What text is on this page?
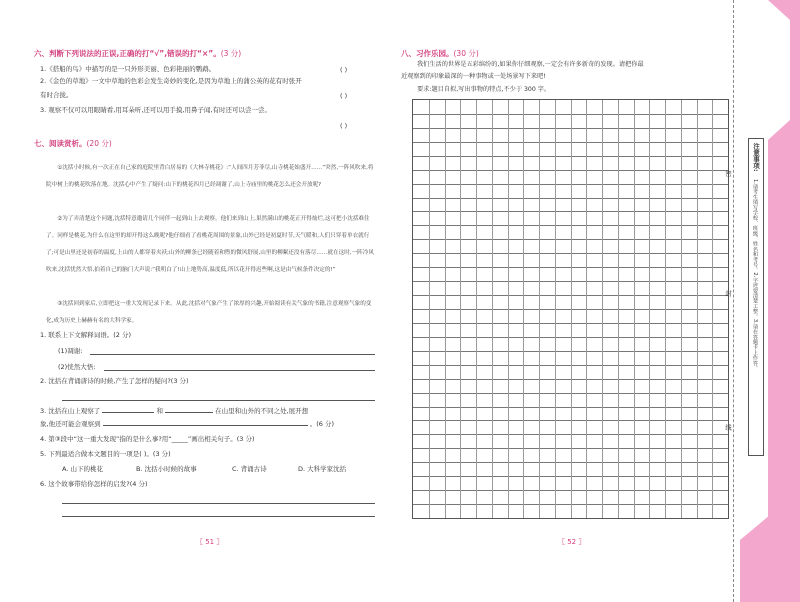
六、判断下列说法的正误,正确的打“√”,错误的打“×”。(3 分)
1.《搭船的鸟》中描写的是一只外形美丽、色彩艳丽的鹦鹉。	( )
2.《金色的草地》一文中草地的色彩会发生奇妙的变化,是因为草地上的蒲公英的花有时张开
有时合拢。	( )
3. 观察不仅可以用眼睛看,用耳朵听,还可以用手摸,用鼻子闻,有时还可以尝一尝。
( )
七、阅读赏析。(20 分)
①沈括小时候,有一次正在自己家的庭院里背白居易的《大林寺桃花》:“人间四月芳菲尽,山寺桃花始盛开……”突然,一阵风吹来,将院中树上的桃花吹落在地。沈括心中产生了疑问:山下的桃花四月已经凋谢了,山上寺庙里的桃花怎么还会开放呢?
②为了弄清楚这个问题,沈括特意邀请几个同伴一起到山上去观察。他们来到山上,果然满山的桃花正开得灿烂,这可把小沈括难住了。同样是桃花,为什么在这里的却开得这么晚呢?他仔细看了看桃花周围的景象,山外已经是初夏时节,天气暖和,人们只穿着单衣就行了;可是山里还是初春的温度,上山的人都穿着夹袄;山外的柳条已经随着和煦的微风舒展,山里的柳絮还没有落尽……就在这时,一阵冷风吹来,沈括忧然大悟,拍着自己的脑门大声说:“我明白了!山上地势高,温度低,所以花开得迟些啊,这是由气候条件决定的!”
③沈括回到家后,立即把这一重大发现记录下来。从此,沈括对气象产生了浓厚的兴趣,开始阅读有关气象的书籍,注意观察气象的变化,成为历史上赫赫有名的大科学家。
1. 联系上下文解释词语。(2 分)
(1)凋谢:
(2)恍然大悟:
2. 沈括在背诵唐诗的时候,产生了怎样的疑问?(3 分)
3. 沈括在山上观察了	和	在山里和山外的不同之处,展开想
象,他还可能会观察到	。(6 分)
4. 第③段中“这一重大发现”指的是什么事?用“_____”画出相关句子。(3 分)
5. 下列最适合做本文题目的一项是( )。(3 分)
A. 山下的桃花	B. 沈括小时候的故事	C. 背诵古诗	D. 大科学家沈括
6. 这个故事带给你怎样的启发?(4 分)
〖 51 〗
八、习作乐园。(30 分)
我们生活的世界是五彩缤纷的,如果你仔细观察,一定会有许多新奇的发现。请把你最
近观察到的印象最深的一种事物或一处场景写下来吧!
要求:题目自拟,写出事物的特点,不少于 300 字。
〖 52 〗
注意事项:
1.请考生填写学校、班级、姓名和考号。2.字迹要清楚工整。3.请在答题卡上作答。
密
封
线
